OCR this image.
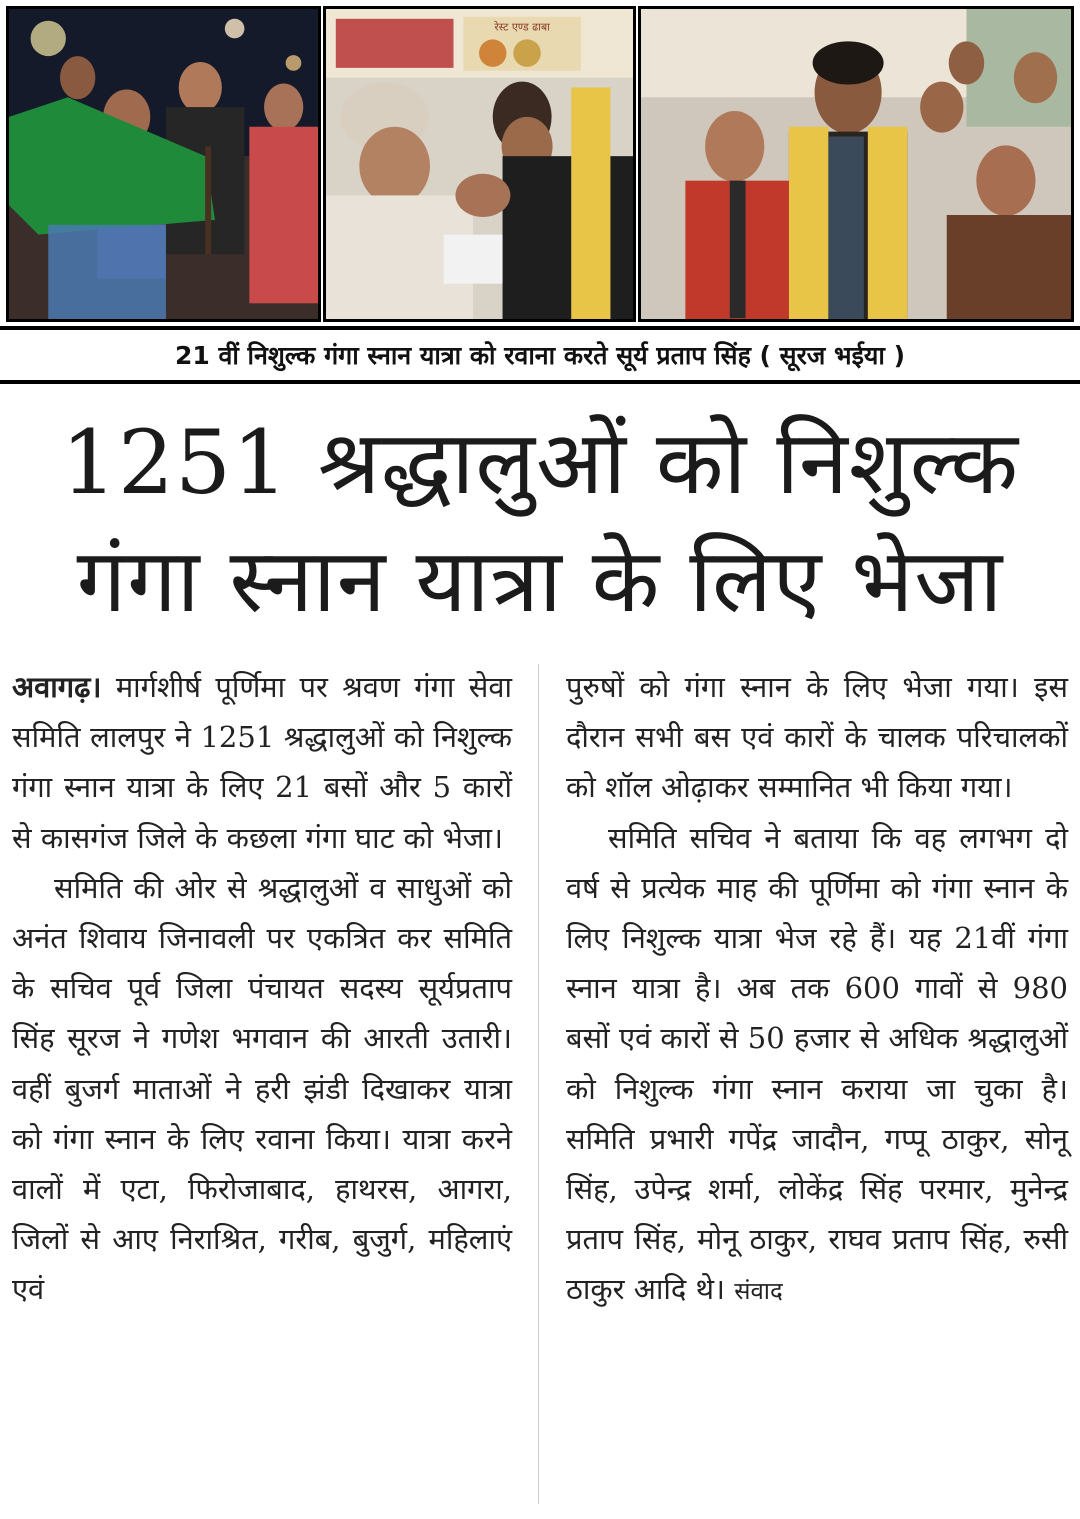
रेस्ट एण्ड ढाबा
21 वीं निशुल्क गंगा स्नान यात्रा को रवाना करते सूर्य प्रताप सिंह ( सूरज भईया )
1251 श्रद्धालुओं को निशुल्क
गंगा स्नान यात्रा के लिए भेजा

अवागढ़। मार्गशीर्ष पूर्णिमा पर श्रवण गंगा सेवा समिति लालपुर ने 1251 श्रद्धालुओं को निशुल्क गंगा स्नान यात्रा के लिए 21 बसों और 5 कारों से कासगंज जिले के कछला गंगा घाट को भेजा।

समिति की ओर से श्रद्धालुओं व साधुओं को अनंत शिवाय जिनावली पर एकत्रित कर समिति के सचिव पूर्व जिला पंचायत सदस्य सूर्यप्रताप सिंह सूरज ने गणेश भगवान की आरती उतारी। वहीं बुजर्ग माताओं ने हरी झंडी दिखाकर यात्रा को गंगा स्नान के लिए रवाना किया। यात्रा करने वालों में एटा, फिरोजाबाद, हाथरस, आगरा, जिलों से आए निराश्रित, गरीब, बुजुर्ग, महिलाएं एवं

पुरुषों को गंगा स्नान के लिए भेजा गया। इस दौरान सभी बस एवं कारों के चालक परिचालकों को शॉल ओढ़ाकर सम्मानित भी किया गया।

समिति सचिव ने बताया कि वह लगभग दो वर्ष से प्रत्येक माह की पूर्णिमा को गंगा स्नान के लिए निशुल्क यात्रा भेज रहे हैं। यह 21वीं गंगा स्नान यात्रा है। अब तक 600 गावों से 980 बसों एवं कारों से 50 हजार से अधिक श्रद्धालुओं को निशुल्क गंगा स्नान कराया जा चुका है। समिति प्रभारी गपेंद्र जादौन, गप्पू ठाकुर, सोनू सिंह, उपेन्द्र शर्मा, लोकेंद्र सिंह परमार, मुनेन्द्र प्रताप सिंह, मोनू ठाकुर, राघव प्रताप सिंह, रुसी ठाकुर आदि थे। संवाद
